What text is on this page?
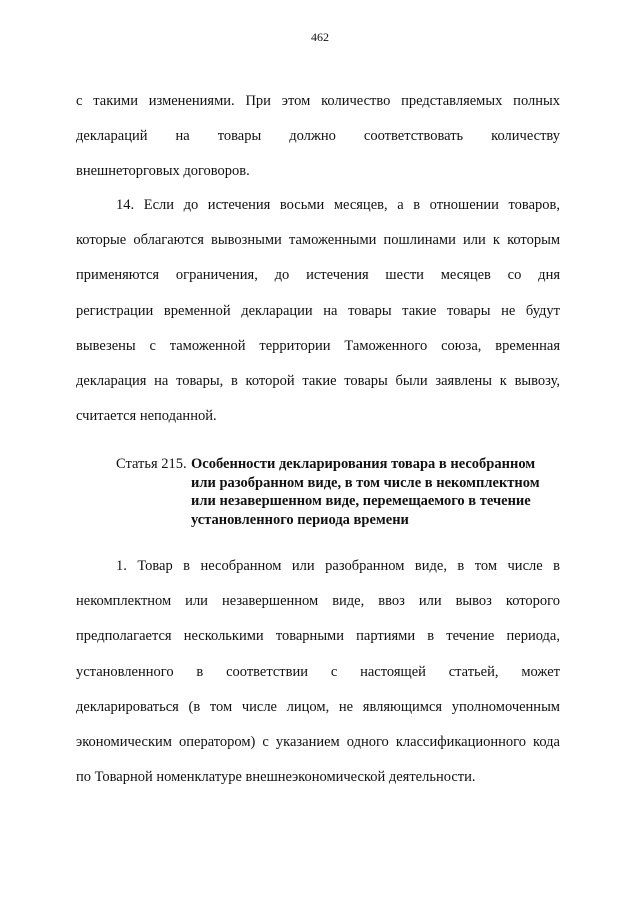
462
с такими изменениями. При этом количество представляемых полных
деклараций на товары должно соответствовать количеству
внешнеторговых договоров.
14. Если до истечения восьми месяцев, а в отношении товаров,
которые облагаются вывозными таможенными пошлинами или к которым
применяются ограничения, до истечения шести месяцев со дня
регистрации временной декларации на товары такие товары не будут
вывезены с таможенной территории Таможенного союза, временная
декларация на товары, в которой такие товары были заявлены к вывозу,
считается неподанной.
Статья 215. Особенности декларирования товара в несобранном
или разобранном виде, в том числе в некомплектном
или незавершенном виде, перемещаемого в течение
установленного периода времени
1. Товар в несобранном или разобранном виде, в том числе в
некомплектном или незавершенном виде, ввоз или вывоз которого
предполагается несколькими товарными партиями в течение периода,
установленного в соответствии с настоящей статьей, может
декларироваться (в том числе лицом, не являющимся уполномоченным
экономическим оператором) с указанием одного классификационного кода
по Товарной номенклатуре внешнеэкономической деятельности.
